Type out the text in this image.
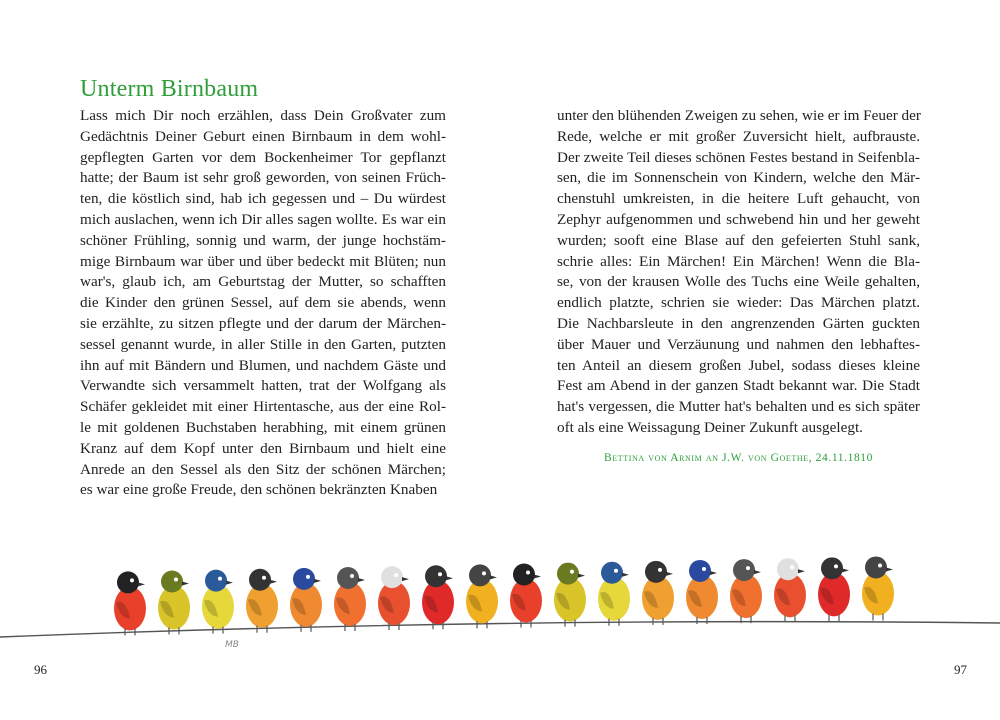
Unterm Birnbaum
Lass mich Dir noch erzählen, dass Dein Großvater zum
Gedächtnis Deiner Geburt einen Birnbaum in dem wohl-
gepflegten Garten vor dem Bockenheimer Tor gepflanzt
hatte; der Baum ist sehr groß geworden, von seinen Früch-
ten, die köstlich sind, hab ich gegessen und – Du würdest
mich auslachen, wenn ich Dir alles sagen wollte. Es war ein
schöner Frühling, sonnig und warm, der junge hochstäm-
mige Birnbaum war über und über bedeckt mit Blüten; nun
war's, glaub ich, am Geburtstag der Mutter, so schafften
die Kinder den grünen Sessel, auf dem sie abends, wenn
sie erzählte, zu sitzen pflegte und der darum der Märchen-
sessel genannt wurde, in aller Stille in den Garten, putzten
ihn auf mit Bändern und Blumen, und nachdem Gäste und
Verwandte sich versammelt hatten, trat der Wolfgang als
Schäfer gekleidet mit einer Hirtentasche, aus der eine Rol-
le mit goldenen Buchstaben herabhing, mit einem grünen
Kranz auf dem Kopf unter den Birnbaum und hielt eine
Anrede an den Sessel als den Sitz der schönen Märchen;
es war eine große Freude, den schönen bekränzten Knaben
96
unter den blühenden Zweigen zu sehen, wie er im Feuer der
Rede, welche er mit großer Zuversicht hielt, aufbrauste.
Der zweite Teil dieses schönen Festes bestand in Seifenbla-
sen, die im Sonnenschein von Kindern, welche den Mär-
chenstuhl umkreisten, in die heitere Luft gehaucht, von
Zephyr aufgenommen und schwebend hin und her geweht
wurden; sooft eine Blase auf den gefeierten Stuhl sank,
schrie alles: Ein Märchen! Ein Märchen! Wenn die Bla-
se, von der krausen Wolle des Tuchs eine Weile gehalten,
endlich platzte, schrien sie wieder: Das Märchen platzt.
Die Nachbarsleute in den angrenzenden Gärten guckten
über Mauer und Verzäunung und nahmen den lebhaftes-
ten Anteil an diesem großen Jubel, sodass dieses kleine
Fest am Abend in der ganzen Stadt bekannt war. Die Stadt
hat's vergessen, die Mutter hat's behalten und es sich später
oft als eine Weissagung Deiner Zukunft ausgelegt.
Bettina von Arnim an J.W. von Goethe, 24.11.1810
97
MB
